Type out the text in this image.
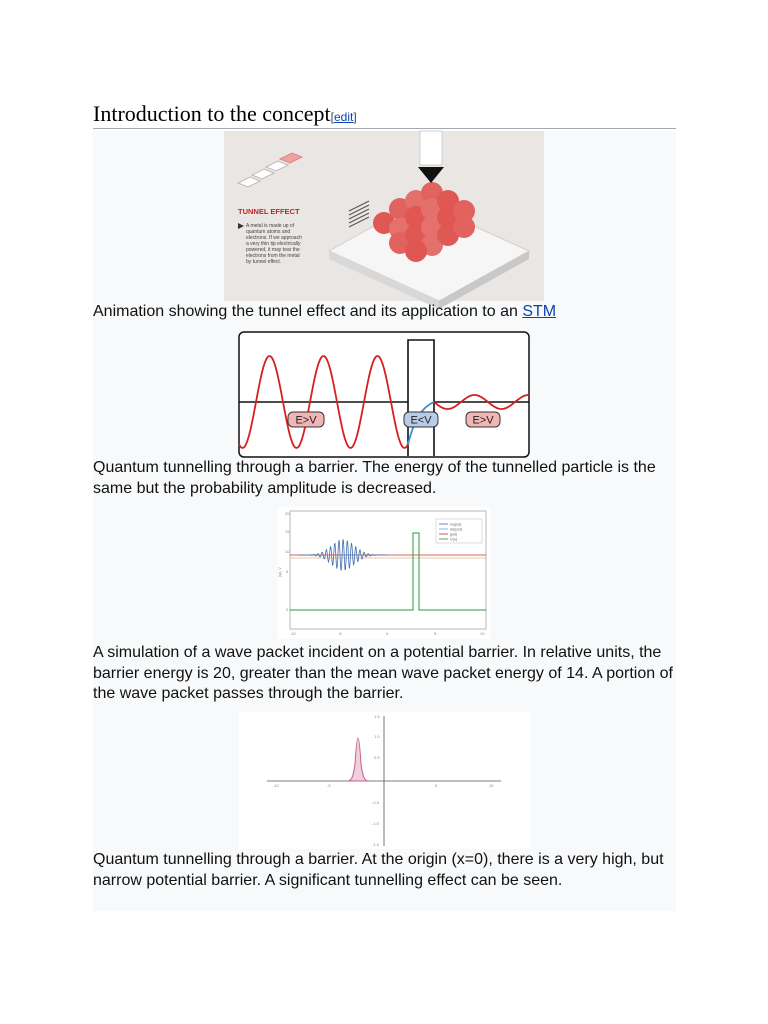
Introduction to the concept[edit]
TUNNEL EFFECT
A metal is made up of
quantum atoms and
electrons. If we approach
a very thin tip electrically
powered, it may tear the
electrons from the metal
by tunnel effect.
Animation showing the tunnel effect and its application to an STM
E>V	E<V	E>V
Quantum tunnelling through a barrier. The energy of the tunnelled particle is the same but the probability amplitude is decreased.
20
15
10
5
0
|ψ|, V
-10	-5	0	5	10
re(psi)
im(psi)
|psi|
V(x)
A simulation of a wave packet incident on a potential barrier. In relative units, the barrier energy is 20, greater than the mean wave packet energy of 14. A portion of the wave packet passes through the barrier.
1.5
1.0
0.5
-0.5
-1.0
-1.5
-10	-5	5	10
Quantum tunnelling through a barrier. At the origin (x=0), there is a very high, but narrow potential barrier. A significant tunnelling effect can be seen.
